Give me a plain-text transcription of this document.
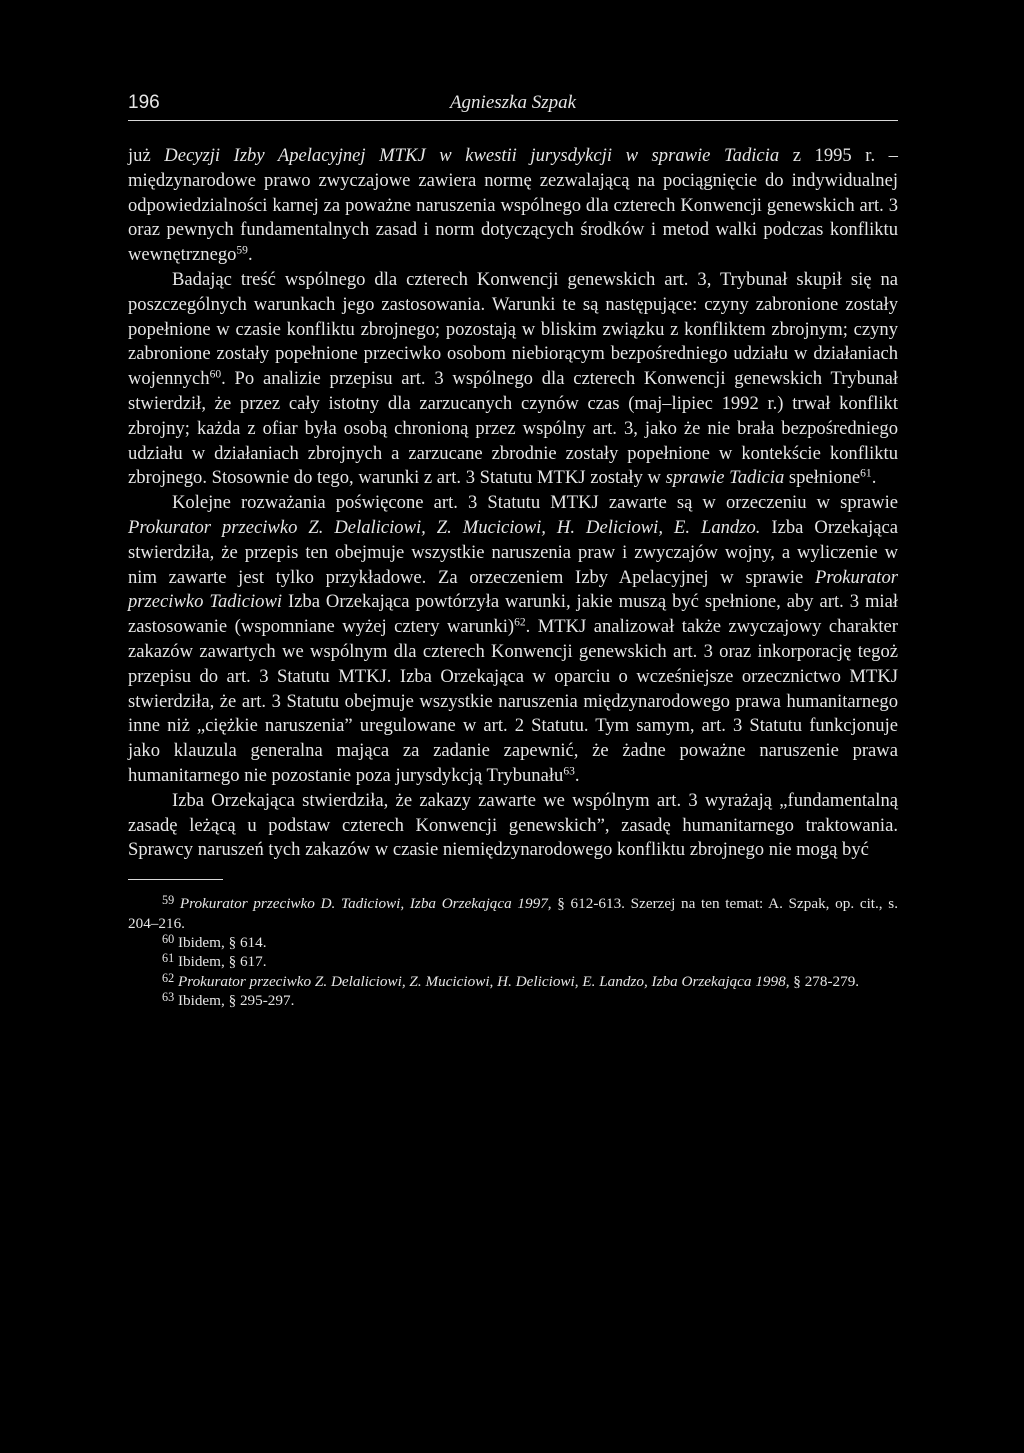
196	Agnieszka Szpak

już Decyzji Izby Apelacyjnej MTKJ w kwestii jurysdykcji w sprawie Tadicia z 1995 r. – międzynarodowe prawo zwyczajowe zawiera normę zezwalającą na pociągnięcie do indywidualnej odpowiedzialności karnej za poważne naruszenia wspólnego dla czterech Konwencji genewskich art. 3 oraz pewnych fundamentalnych zasad i norm dotyczących środków i metod walki podczas konfliktu wewnętrznego$^{59}$.

Badając treść wspólnego dla czterech Konwencji genewskich art. 3, Trybunał skupił się na poszczególnych warunkach jego zastosowania. Warunki te są następujące: czyny zabronione zostały popełnione w czasie konfliktu zbrojnego; pozostają w bliskim związku z konfliktem zbrojnym; czyny zabronione zostały popełnione przeciwko osobom niebiorącym bezpośredniego udziału w działaniach wojennych$^{60}$. Po analizie przepisu art. 3 wspólnego dla czterech Konwencji genewskich Trybunał stwierdził, że przez cały istotny dla zarzucanych czynów czas (maj–lipiec 1992 r.) trwał konflikt zbrojny; każda z ofiar była osobą chronioną przez wspólny art. 3, jako że nie brała bezpośredniego udziału w działaniach zbrojnych a zarzucane zbrodnie zostały popełnione w kontekście konfliktu zbrojnego. Stosownie do tego, warunki z art. 3 Statutu MTKJ zostały w sprawie Tadicia spełnione$^{61}$.

Kolejne rozważania poświęcone art. 3 Statutu MTKJ zawarte są w orzeczeniu w sprawie Prokurator przeciwko Z. Delaliciowi, Z. Muciciowi, H. Deliciowi, E. Landzo. Izba Orzekająca stwierdziła, że przepis ten obejmuje wszystkie naruszenia praw i zwyczajów wojny, a wyliczenie w nim zawarte jest tylko przykładowe. Za orzeczeniem Izby Apelacyjnej w sprawie Prokurator przeciwko Tadiciowi Izba Orzekająca powtórzyła warunki, jakie muszą być spełnione, aby art. 3 miał zastosowanie (wspomniane wyżej cztery warunki)$^{62}$. MTKJ analizował także zwyczajowy charakter zakazów zawartych we wspólnym dla czterech Konwencji genewskich art. 3 oraz inkorporację tegoż przepisu do art. 3 Statutu MTKJ. Izba Orzekająca w oparciu o wcześniejsze orzecznictwo MTKJ stwierdziła, że art. 3 Statutu obejmuje wszystkie naruszenia międzynarodowego prawa humanitarnego inne niż „ciężkie naruszenia” uregulowane w art. 2 Statutu. Tym samym, art. 3 Statutu funkcjonuje jako klauzula generalna mająca za zadanie zapewnić, że żadne poważne naruszenie prawa humanitarnego nie pozostanie poza jurysdykcją Trybunału$^{63}$.

Izba Orzekająca stwierdziła, że zakazy zawarte we wspólnym art. 3 wyrażają „fundamentalną zasadę leżącą u podstaw czterech Konwencji genewskich”, zasadę humanitarnego traktowania. Sprawcy naruszeń tych zakazów w czasie niemiędzynarodowego konfliktu zbrojnego nie mogą być

$^{59}$ Prokurator przeciwko D. Tadiciowi, Izba Orzekająca 1997, § 612-613. Szerzej na ten temat: A. Szpak, op. cit., s. 204–216.

$^{60}$ Ibidem, § 614.

$^{61}$ Ibidem, § 617.

$^{62}$ Prokurator przeciwko Z. Delaliciowi, Z. Muciciowi, H. Deliciowi, E. Landzo, Izba Orzekająca 1998, § 278-279.

$^{63}$ Ibidem, § 295-297.
